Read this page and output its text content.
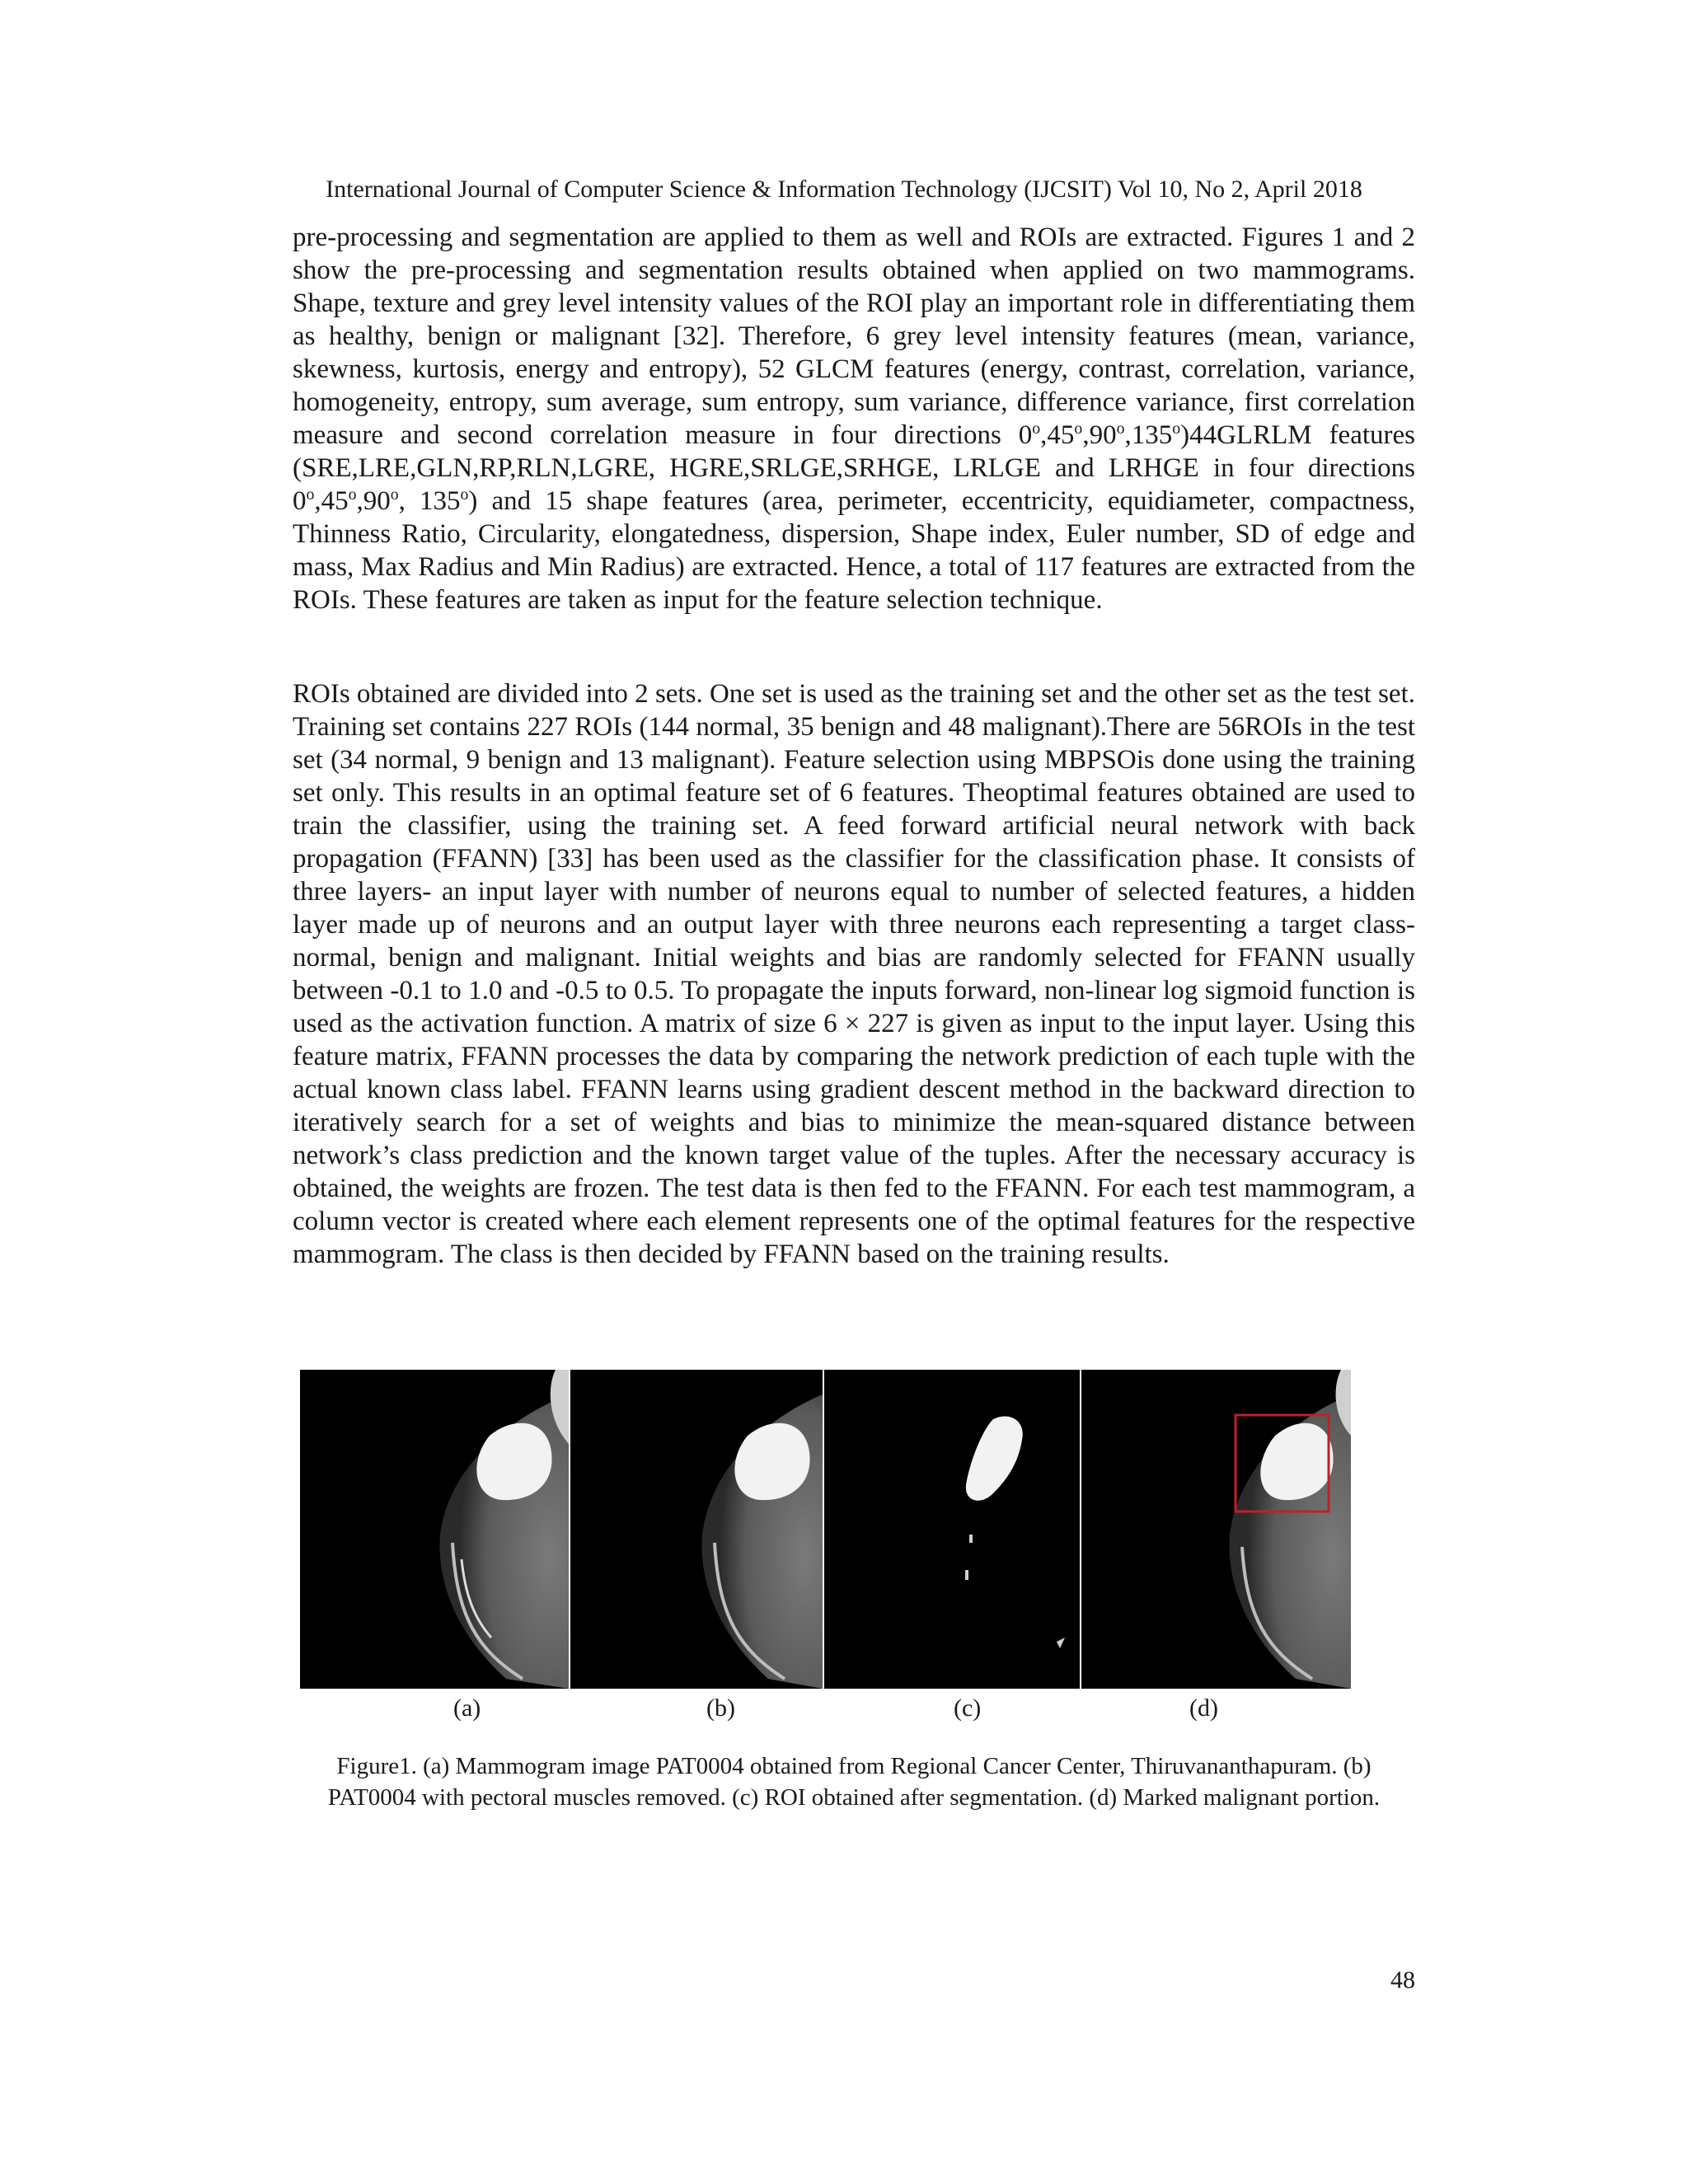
International Journal of Computer Science & Information Technology (IJCSIT) Vol 10, No 2, April 2018

pre-processing and segmentation are applied to them as well and ROIs are extracted. Figures 1 and 2 show the pre-processing and segmentation results obtained when applied on two mammograms. Shape, texture and grey level intensity values of the ROI play an important role in differentiating them as healthy, benign or malignant [32]. Therefore, 6 grey level intensity features (mean, variance, skewness, kurtosis, energy and entropy), 52 GLCM features (energy, contrast, correlation, variance, homogeneity, entropy, sum average, sum entropy, sum variance, difference variance, first correlation measure and second correlation measure in four directions 0$^o$,45$^o$,90$^o$,135$^o$)44GLRLM features (SRE,LRE,GLN,RP,RLN,LGRE, HGRE,SRLGE,SRHGE, LRLGE and LRHGE in four directions 0$^o$,45$^o$,90$^o$, 135$^o$) and 15 shape features (area, perimeter, eccentricity, equidiameter, compactness, Thinness Ratio, Circularity, elongatedness, dispersion, Shape index, Euler number, SD of edge and mass, Max Radius and Min Radius) are extracted. Hence, a total of 117 features are extracted from the ROIs. These features are taken as input for the feature selection technique.

ROIs obtained are divided into 2 sets. One set is used as the training set and the other set as the test set. Training set contains 227 ROIs (144 normal, 35 benign and 48 malignant).There are 56ROIs in the test set (34 normal, 9 benign and 13 malignant). Feature selection using MBPSOis done using the training set only. This results in an optimal feature set of 6 features. Theoptimal features obtained are used to train the classifier, using the training set. A feed forward artificial neural network with back propagation (FFANN) [33] has been used as the classifier for the classification phase. It consists of three layers- an input layer with number of neurons equal to number of selected features, a hidden layer made up of neurons and an output layer with three neurons each representing a target class- normal, benign and malignant. Initial weights and bias are randomly selected for FFANN usually between -0.1 to 1.0 and -0.5 to 0.5. To propagate the inputs forward, non-linear log sigmoid function is used as the activation function. A matrix of size 6 × 227 is given as input to the input layer. Using this feature matrix, FFANN processes the data by comparing the network prediction of each tuple with the actual known class label. FFANN learns using gradient descent method in the backward direction to iteratively search for a set of weights and bias to minimize the mean-squared distance between network’s class prediction and the known target value of the tuples. After the necessary accuracy is obtained, the weights are frozen. The test data is then fed to the FFANN. For each test mammogram, a column vector is created where each element represents one of the optimal features for the respective mammogram. The class is then decided by FFANN based on the training results.

(a)	(b)	(c)	(d)

Figure1. (a) Mammogram image PAT0004 obtained from Regional Cancer Center, Thiruvananthapuram. (b) PAT0004 with pectoral muscles removed. (c) ROI obtained after segmentation. (d) Marked malignant portion.

48
